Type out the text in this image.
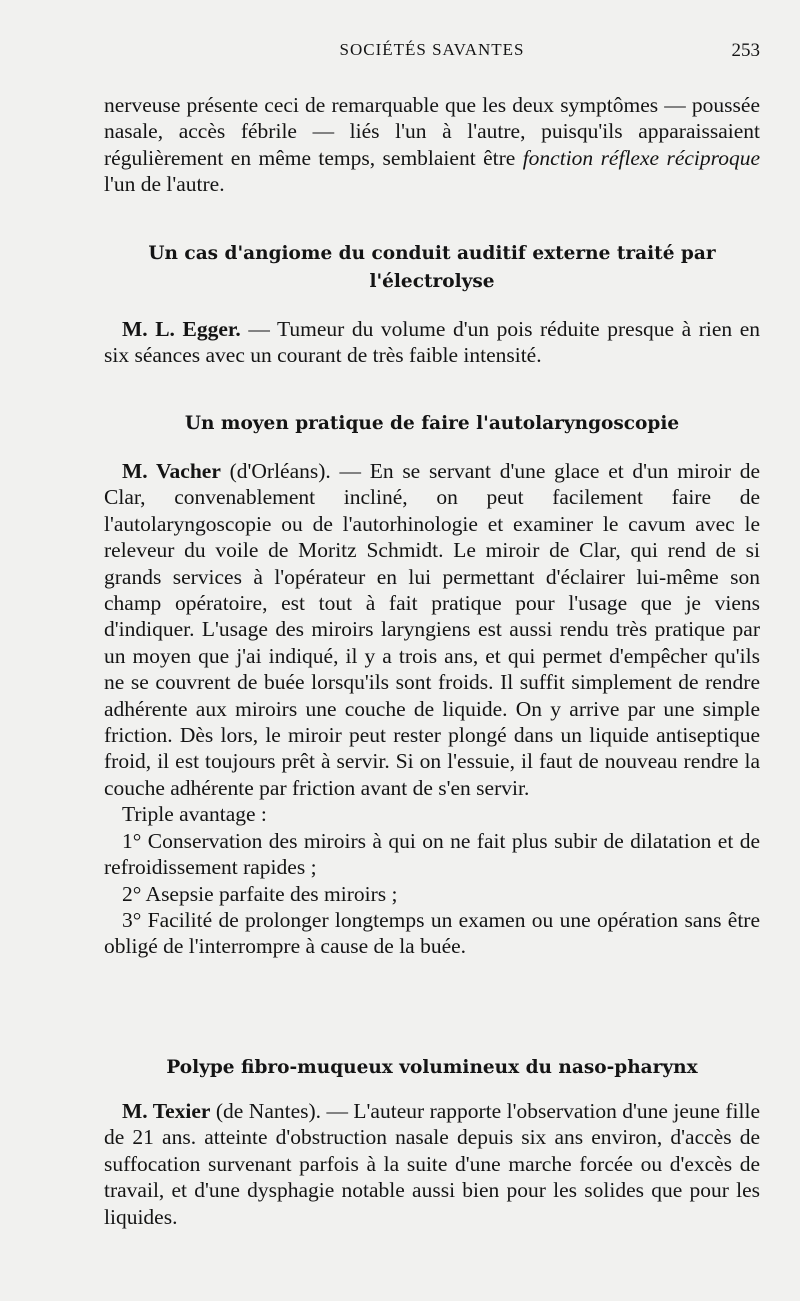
SOCIÉTÉS SAVANTES	253

nerveuse présente ceci de remarquable que les deux symptômes — poussée nasale, accès fébrile — liés l'un à l'autre, puisqu'ils apparaissaient régulièrement en même temps, semblaient être fonction réflexe réciproque l'un de l'autre.

Un cas d'angiome du conduit auditif externe traité par l'électrolyse

M. L. Egger. — Tumeur du volume d'un pois réduite presque à rien en six séances avec un courant de très faible intensité.

Un moyen pratique de faire l'autolaryngoscopie

M. Vacher (d'Orléans). — En se servant d'une glace et d'un miroir de Clar, convenablement incliné, on peut facilement faire de l'autolaryngoscopie ou de l'autorhinologie et examiner le cavum avec le releveur du voile de Moritz Schmidt. Le miroir de Clar, qui rend de si grands services à l'opérateur en lui permettant d'éclairer lui-même son champ opératoire, est tout à fait pratique pour l'usage que je viens d'indiquer. L'usage des miroirs laryngiens est aussi rendu très pratique par un moyen que j'ai indiqué, il y a trois ans, et qui permet d'empêcher qu'ils ne se couvrent de buée lorsqu'ils sont froids. Il suffit simplement de rendre adhérente aux miroirs une couche de liquide. On y arrive par une simple friction. Dès lors, le miroir peut rester plongé dans un liquide antiseptique froid, il est toujours prêt à servir. Si on l'essuie, il faut de nouveau rendre la couche adhérente par friction avant de s'en servir.

Triple avantage :

1° Conservation des miroirs à qui on ne fait plus subir de dilatation et de refroidissement rapides ;

2° Asepsie parfaite des miroirs ;

3° Facilité de prolonger longtemps un examen ou une opération sans être obligé de l'interrompre à cause de la buée.

Polype fibro-muqueux volumineux du naso-pharynx

M. Texier (de Nantes). — L'auteur rapporte l'observation d'une jeune fille de 21 ans. atteinte d'obstruction nasale depuis six ans environ, d'accès de suffocation survenant parfois à la suite d'une marche forcée ou d'excès de travail, et d'une dysphagie notable aussi bien pour les solides que pour les liquides.
